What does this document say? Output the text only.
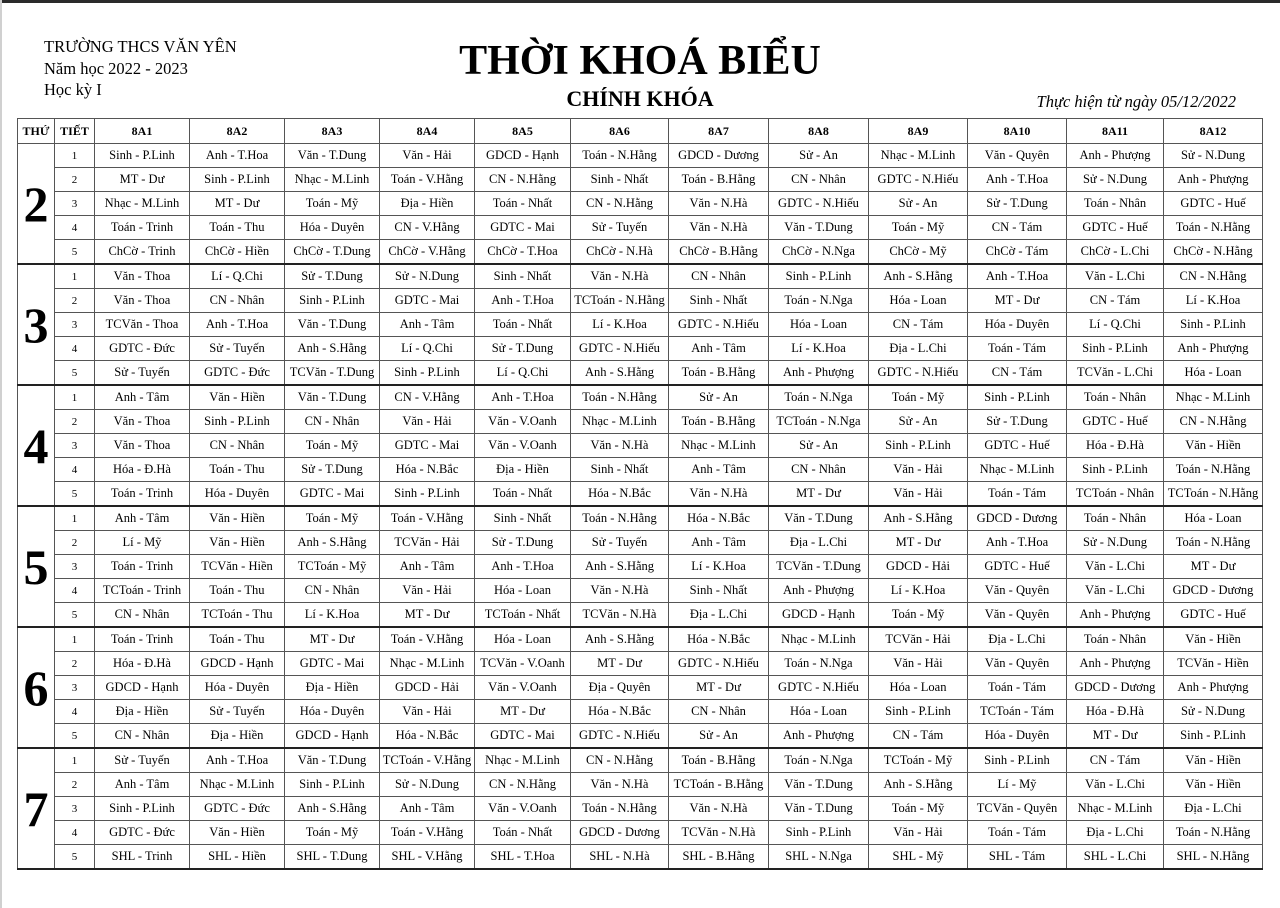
TRƯỜNG THCS VĂN YÊN
Năm học 2022 - 2023
Học kỳ I
THỜI KHOÁ BIỂU
CHÍNH KHÓA	Thực hiện từ ngày 05/12/2022
THỨ	TIẾT	8A1	8A2	8A3	8A4	8A5	8A6	8A7	8A8	8A9	8A10	8A11	8A12
2	1	Sinh - P.Linh	Anh - T.Hoa	Văn - T.Dung	Văn - Hải	GDCD - Hạnh	Toán - N.Hằng	GDCD - Dương	Sử - An	Nhạc - M.Linh	Văn - Quyên	Anh - Phượng	Sử - N.Dung
	2	MT - Dư	Sinh - P.Linh	Nhạc - M.Linh	Toán - V.Hằng	CN - N.Hằng	Sinh - Nhất	Toán - B.Hằng	CN - Nhân	GDTC - N.Hiếu	Anh - T.Hoa	Sử - N.Dung	Anh - Phượng
	3	Nhạc - M.Linh	MT - Dư	Toán - Mỹ	Địa - Hiền	Toán - Nhất	CN - N.Hằng	Văn - N.Hà	GDTC - N.Hiếu	Sử - An	Sử - T.Dung	Toán - Nhân	GDTC - Huế
	4	Toán - Trinh	Toán - Thu	Hóa - Duyên	CN - V.Hằng	GDTC - Mai	Sử - Tuyến	Văn - N.Hà	Văn - T.Dung	Toán - Mỹ	CN - Tám	GDTC - Huế	Toán - N.Hằng
	5	ChCờ - Trinh	ChCờ - Hiền	ChCờ - T.Dung	ChCờ - V.Hằng	ChCờ - T.Hoa	ChCờ - N.Hà	ChCờ - B.Hằng	ChCờ - N.Nga	ChCờ - Mỹ	ChCờ - Tám	ChCờ - L.Chi	ChCờ - N.Hằng
3	1	Văn - Thoa	Lí - Q.Chi	Sử - T.Dung	Sử - N.Dung	Sinh - Nhất	Văn - N.Hà	CN - Nhân	Sinh - P.Linh	Anh - S.Hằng	Anh - T.Hoa	Văn - L.Chi	CN - N.Hằng
	2	Văn - Thoa	CN - Nhân	Sinh - P.Linh	GDTC - Mai	Anh - T.Hoa	TCToán - N.Hằng	Sinh - Nhất	Toán - N.Nga	Hóa - Loan	MT - Dư	CN - Tám	Lí - K.Hoa
	3	TCVăn - Thoa	Anh - T.Hoa	Văn - T.Dung	Anh - Tâm	Toán - Nhất	Lí - K.Hoa	GDTC - N.Hiếu	Hóa - Loan	CN - Tám	Hóa - Duyên	Lí - Q.Chi	Sinh - P.Linh
	4	GDTC - Đức	Sử - Tuyến	Anh - S.Hằng	Lí - Q.Chi	Sử - T.Dung	GDTC - N.Hiếu	Anh - Tâm	Lí - K.Hoa	Địa - L.Chi	Toán - Tám	Sinh - P.Linh	Anh - Phượng
	5	Sử - Tuyến	GDTC - Đức	TCVăn - T.Dung	Sinh - P.Linh	Lí - Q.Chi	Anh - S.Hằng	Toán - B.Hằng	Anh - Phượng	GDTC - N.Hiếu	CN - Tám	TCVăn - L.Chi	Hóa - Loan
4	1	Anh - Tâm	Văn - Hiền	Văn - T.Dung	CN - V.Hằng	Anh - T.Hoa	Toán - N.Hằng	Sử - An	Toán - N.Nga	Toán - Mỹ	Sinh - P.Linh	Toán - Nhân	Nhạc - M.Linh
	2	Văn - Thoa	Sinh - P.Linh	CN - Nhân	Văn - Hải	Văn - V.Oanh	Nhạc - M.Linh	Toán - B.Hằng	TCToán - N.Nga	Sử - An	Sử - T.Dung	GDTC - Huế	CN - N.Hằng
	3	Văn - Thoa	CN - Nhân	Toán - Mỹ	GDTC - Mai	Văn - V.Oanh	Văn - N.Hà	Nhạc - M.Linh	Sử - An	Sinh - P.Linh	GDTC - Huế	Hóa - Đ.Hà	Văn - Hiền
	4	Hóa - Đ.Hà	Toán - Thu	Sử - T.Dung	Hóa - N.Bắc	Địa - Hiền	Sinh - Nhất	Anh - Tâm	CN - Nhân	Văn - Hải	Nhạc - M.Linh	Sinh - P.Linh	Toán - N.Hằng
	5	Toán - Trinh	Hóa - Duyên	GDTC - Mai	Sinh - P.Linh	Toán - Nhất	Hóa - N.Bắc	Văn - N.Hà	MT - Dư	Văn - Hải	Toán - Tám	TCToán - Nhân	TCToán - N.Hằng
5	1	Anh - Tâm	Văn - Hiền	Toán - Mỹ	Toán - V.Hằng	Sinh - Nhất	Toán - N.Hằng	Hóa - N.Bắc	Văn - T.Dung	Anh - S.Hằng	GDCD - Dương	Toán - Nhân	Hóa - Loan
	2	Lí - Mỹ	Văn - Hiền	Anh - S.Hằng	TCVăn - Hải	Sử - T.Dung	Sử - Tuyến	Anh - Tâm	Địa - L.Chi	MT - Dư	Anh - T.Hoa	Sử - N.Dung	Toán - N.Hằng
	3	Toán - Trinh	TCVăn - Hiền	TCToán - Mỹ	Anh - Tâm	Anh - T.Hoa	Anh - S.Hằng	Lí - K.Hoa	TCVăn - T.Dung	GDCD - Hải	GDTC - Huế	Văn - L.Chi	MT - Dư
	4	TCToán - Trinh	Toán - Thu	CN - Nhân	Văn - Hải	Hóa - Loan	Văn - N.Hà	Sinh - Nhất	Anh - Phượng	Lí - K.Hoa	Văn - Quyên	Văn - L.Chi	GDCD - Dương
	5	CN - Nhân	TCToán - Thu	Lí - K.Hoa	MT - Dư	TCToán - Nhất	TCVăn - N.Hà	Địa - L.Chi	GDCD - Hạnh	Toán - Mỹ	Văn - Quyên	Anh - Phượng	GDTC - Huế
6	1	Toán - Trinh	Toán - Thu	MT - Dư	Toán - V.Hằng	Hóa - Loan	Anh - S.Hằng	Hóa - N.Bắc	Nhạc - M.Linh	TCVăn - Hải	Địa - L.Chi	Toán - Nhân	Văn - Hiền
	2	Hóa - Đ.Hà	GDCD - Hạnh	GDTC - Mai	Nhạc - M.Linh	TCVăn - V.Oanh	MT - Dư	GDTC - N.Hiếu	Toán - N.Nga	Văn - Hải	Văn - Quyên	Anh - Phượng	TCVăn - Hiền
	3	GDCD - Hạnh	Hóa - Duyên	Địa - Hiền	GDCD - Hải	Văn - V.Oanh	Địa - Quyên	MT - Dư	GDTC - N.Hiếu	Hóa - Loan	Toán - Tám	GDCD - Dương	Anh - Phượng
	4	Địa - Hiền	Sử - Tuyến	Hóa - Duyên	Văn - Hải	MT - Dư	Hóa - N.Bắc	CN - Nhân	Hóa - Loan	Sinh - P.Linh	TCToán - Tám	Hóa - Đ.Hà	Sử - N.Dung
	5	CN - Nhân	Địa - Hiền	GDCD - Hạnh	Hóa - N.Bắc	GDTC - Mai	GDTC - N.Hiếu	Sử - An	Anh - Phượng	CN - Tám	Hóa - Duyên	MT - Dư	Sinh - P.Linh
7	1	Sử - Tuyến	Anh - T.Hoa	Văn - T.Dung	TCToán - V.Hằng	Nhạc - M.Linh	CN - N.Hằng	Toán - B.Hằng	Toán - N.Nga	TCToán - Mỹ	Sinh - P.Linh	CN - Tám	Văn - Hiền
	2	Anh - Tâm	Nhạc - M.Linh	Sinh - P.Linh	Sử - N.Dung	CN - N.Hằng	Văn - N.Hà	TCToán - B.Hằng	Văn - T.Dung	Anh - S.Hằng	Lí - Mỹ	Văn - L.Chi	Văn - Hiền
	3	Sinh - P.Linh	GDTC - Đức	Anh - S.Hằng	Anh - Tâm	Văn - V.Oanh	Toán - N.Hằng	Văn - N.Hà	Văn - T.Dung	Toán - Mỹ	TCVăn - Quyên	Nhạc - M.Linh	Địa - L.Chi
	4	GDTC - Đức	Văn - Hiền	Toán - Mỹ	Toán - V.Hằng	Toán - Nhất	GDCD - Dương	TCVăn - N.Hà	Sinh - P.Linh	Văn - Hải	Toán - Tám	Địa - L.Chi	Toán - N.Hằng
	5	SHL - Trinh	SHL - Hiền	SHL - T.Dung	SHL - V.Hằng	SHL - T.Hoa	SHL - N.Hà	SHL - B.Hằng	SHL - N.Nga	SHL - Mỹ	SHL - Tám	SHL - L.Chi	SHL - N.Hằng
